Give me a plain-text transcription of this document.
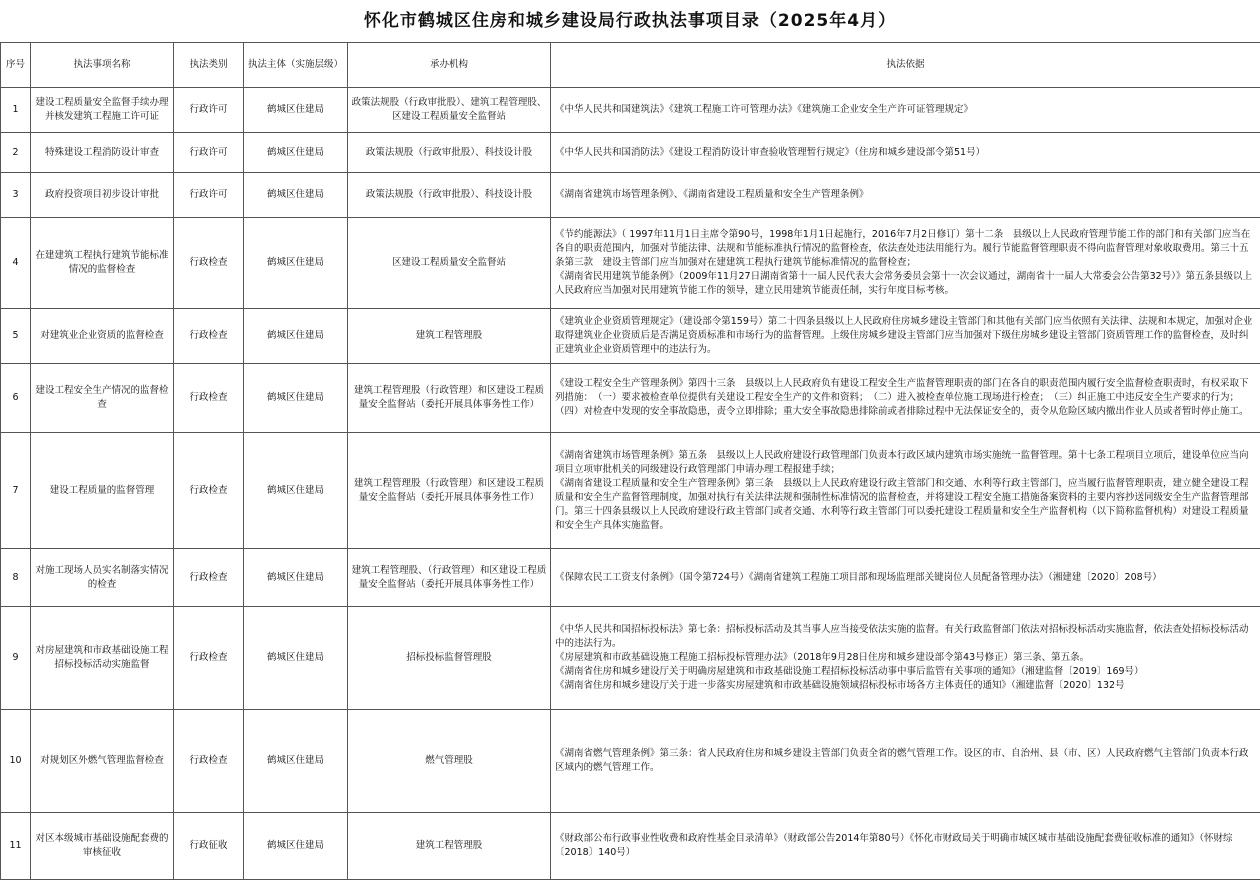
怀化市鹤城区住房和城乡建设局行政执法事项目录（2025年4月）
序号	执法事项名称	执法类别	执法主体（实施层级）	承办机构	执法依据
1	建设工程质量安全监督手续办理并核发建筑工程施工许可证	行政许可	鹤城区住建局	政策法规股（行政审批股）、建筑工程管理股、区建设工程质量安全监督站	《中华人民共和国建筑法》《建筑工程施工许可管理办法》《建筑施工企业安全生产许可证管理规定》

2	特殊建设工程消防设计审查	行政许可	鹤城区住建局	政策法规股（行政审批股）、科技设计股	《中华人民共和国消防法》《建设工程消防设计审查验收管理暂行规定》（住房和城乡建设部令第51号）

3	政府投资项目初步设计审批	行政许可	鹤城区住建局	政策法规股（行政审批股）、科技设计股	《湖南省建筑市场管理条例》、《湖南省建设工程质量和安全生产管理条例》

4	在建建筑工程执行建筑节能标准情况的监督检查	行政检查	鹤城区住建局	区建设工程质量安全监督站	《节约能源法》（ 1997年11月1日主席令第90号，1998年1月1日起施行，2016年7月2日修订）第十二条　县级以上人民政府管理节能工作的部门和有关部门应当在各自的职责范围内，加强对节能法律、法规和节能标准执行情况的监督检查，依法查处违法用能行为。履行节能监督管理职责不得向监督管理对象收取费用。第三十五条第三款　建设主管部门应当加强对在建建筑工程执行建筑节能标准情况的监督检查；
《湖南省民用建筑节能条例》（2009年11月27日湖南省第十一届人民代表大会常务委员会第十一次会议通过，湖南省十一届人大常委会公告第32号）》第五条县级以上人民政府应当加强对民用建筑节能工作的领导，建立民用建筑节能责任制，实行年度目标考核。

5	对建筑业企业资质的监督检查	行政检查	鹤城区住建局	建筑工程管理股	《建筑业企业资质管理规定》（建设部令第159号）第二十四条县级以上人民政府住房城乡建设主管部门和其他有关部门应当依照有关法律、法规和本规定，加强对企业取得建筑业企业资质后是否满足资质标准和市场行为的监督管理。上级住房城乡建设主管部门应当加强对下级住房城乡建设主管部门资质管理工作的监督检查，及时纠正建筑业企业资质管理中的违法行为。

6	建设工程安全生产情况的监督检查	行政检查	鹤城区住建局	建筑工程管理股（行政管理）和区建设工程质量安全监督站（委托开展具体事务性工作）	《建设工程安全生产管理条例》第四十三条　县级以上人民政府负有建设工程安全生产监督管理职责的部门在各自的职责范围内履行安全监督检查职责时，有权采取下列措施：　（一）要求被检查单位提供有关建设工程安全生产的文件和资料；　（二）进入被检查单位施工现场进行检查；　（三）纠正施工中违反安全生产要求的行为；　（四）对检查中发现的安全事故隐患，责令立即排除；重大安全事故隐患排除前或者排除过程中无法保证安全的，责令从危险区域内撤出作业人员或者暂时停止施工。

7	建设工程质量的监督管理	行政检查	鹤城区住建局	建筑工程管理股（行政管理）和区建设工程质量安全监督站（委托开展具体事务性工作）	《湖南省建筑市场管理条例》第五条　县级以上人民政府建设行政管理部门负责本行政区域内建筑市场实施统一监督管理。第十七条工程项目立项后，建设单位应当向项目立项审批机关的同级建设行政管理部门申请办理工程报建手续；
《湖南省建设工程质量和安全生产管理条例》第三条　县级以上人民政府建设行政主管部门和交通、水利等行政主管部门，应当履行监督管理职责，建立健全建设工程质量和安全生产监督管理制度，加强对执行有关法律法规和强制性标准情况的监督检查，并将建设工程安全施工措施备案资料的主要内容抄送同级安全生产监督管理部门。第三十四条县级以上人民政府建设行政主管部门或者交通、水利等行政主管部门可以委托建设工程质量和安全生产监督机构（以下简称监督机构）对建设工程质量和安全生产具体实施监督。

8	对施工现场人员实名制落实情况的检查	行政检查	鹤城区住建局	建筑工程管理股、（行政管理）和区建设工程质量安全监督站（委托开展具体事务性工作）	《保障农民工工资支付条例》（国令第724号）《湖南省建筑工程施工项目部和现场监理部关键岗位人员配备管理办法》（湘建建〔2020〕208号）

9	对房屋建筑和市政基础设施工程招标投标活动实施监督	行政检查	鹤城区住建局	招标投标监督管理股	《中华人民共和国招标投标法》第七条：招标投标活动及其当事人应当接受依法实施的监督。有关行政监督部门依法对招标投标活动实施监督，依法查处招标投标活动中的违法行为。
《房屋建筑和市政基础设施工程施工招标投标管理办法》（2018年9月28日住房和城乡建设部令第43号修正）第三条、第五条。
《湖南省住房和城乡建设厅关于明确房屋建筑和市政基础设施工程招标投标活动事中事后监管有关事项的通知》（湘建监督〔2019〕169号）
《湖南省住房和城乡建设厅关于进一步落实房屋建筑和市政基础设施领域招标投标市场各方主体责任的通知》（湘建监督〔2020〕132号

10	对规划区外燃气管理监督检查	行政检查	鹤城区住建局	燃气管理股	《湖南省燃气管理条例》第三条：省人民政府住房和城乡建设主管部门负责全省的燃气管理工作。设区的市、自治州、县（市、区）人民政府燃气主管部门负责本行政区域内的燃气管理工作。

11	对区本级城市基础设施配套费的审核征收	行政征收	鹤城区住建局	建筑工程管理股	《财政部公布行政事业性收费和政府性基金目录清单》（财政部公告2014年第80号）《怀化市财政局关于明确市城区城市基础设施配套费征收标准的通知》（怀财综〔2018〕140号）
